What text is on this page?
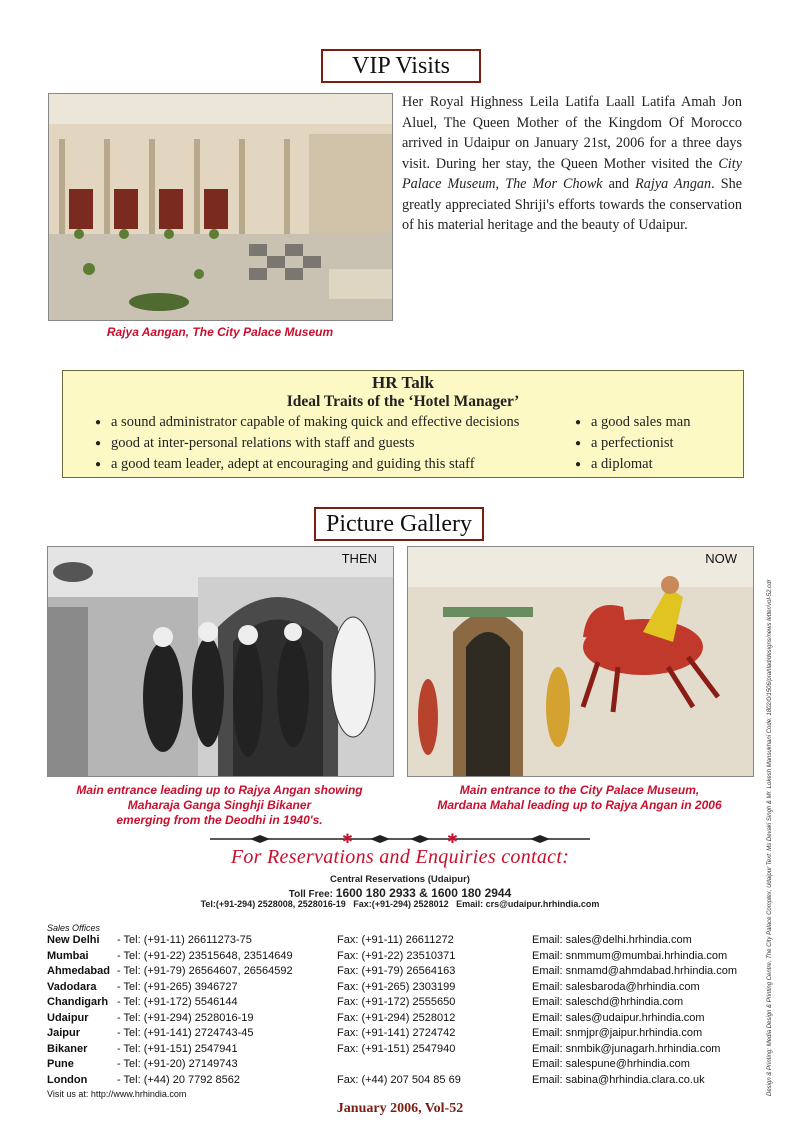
VIP Visits
Her Royal Highness Leila Latifa Laall Latifa Amah Jon Aluel, The Queen Mother of the Kingdom Of Morocco arrived in Udaipur on January 21st, 2006 for a three days visit. During her stay, the Queen Mother visited the City Palace Museum, The Mor Chowk and Rajya Angan. She greatly appreciated Shriji's efforts towards the conservation of his material heritage and the beauty of Udaipur.
Rajya Aangan, The City Palace Museum
HR Talk
Ideal Traits of the ‘Hotel Manager’
● a sound administrator capable of making quick and effective decisions
● good at inter-personal relations with staff and guests
● a good team leader, adept at encouraging and guiding this staff
● a good sales man
● a perfectionist
● a diplomat
Picture Gallery
THEN	NOW
Main entrance leading up to Rajya Angan showing
Maharaja Ganga Singhji Bikaner
emerging from the Deodhi in 1940's.
Main entrance to the City Palace Museum,
Mardana Mahal leading up to Rajya Angan in 2006
✱	✱
For Reservations and Enquiries contact:
Central Reservations (Udaipur)
Toll Free: 1600 180 2933 & 1600 180 2944
Tel:(+91-294) 2528008, 2528016-19   Fax:(+91-294) 2528012   Email: crs@udaipur.hrhindia.com
Sales Offices
New Delhi - Tel: (+91-11) 26611273-75	Fax: (+91-11) 26611272	Email: sales@delhi.hrhindia.com
Mumbai	- Tel: (+91-22) 23515648, 23514649	Fax: (+91-22) 23510371	Email: snmmum@mumbai.hrhindia.com
Ahmedabad - Tel: (+91-79) 26564607, 26564592	Fax: (+91-79) 26564163	Email: snmamd@ahmdabad.hrhindia.com
Vadodara - Tel: (+91-265) 3946727	Fax: (+91-265) 2303199	Email: salesbaroda@hrhindia.com
Chandigarh - Tel: (+91-172) 5546144	Fax: (+91-172) 2555650	Email: saleschd@hrhindia.com
Udaipur	- Tel: (+91-294) 2528016-19	Fax: (+91-294) 2528012	Email: sales@udaipur.hrhindia.com
Jaipur	- Tel: (+91-141) 2724743-45	Fax: (+91-141) 2724742	Email: snmjpr@jaipur.hrhindia.com
Bikaner	- Tel: (+91-151) 2547941	Fax: (+91-151) 2547940	Email: snmbik@junagarh.hrhindia.com
Pune	- Tel: (+91-20) 27149743	Email: salespune@hrhindia.com
London	- Tel: (+44) 20 7792 8562	Fax: (+44) 207 504 85 69	Email: sabina@hrhindia.clara.co.uk
Visit us at: http://www.hrhindia.com
January 2006, Vol-52
Design & Printing: Media Design & Printing Centre, The City Palace Complex, Udaipur Text: Ms Devaki Singh & Mr. Lokesh Mansukhani Code: 1802/0/1506/prahlad/designs/news letter/vol-52.cdr
